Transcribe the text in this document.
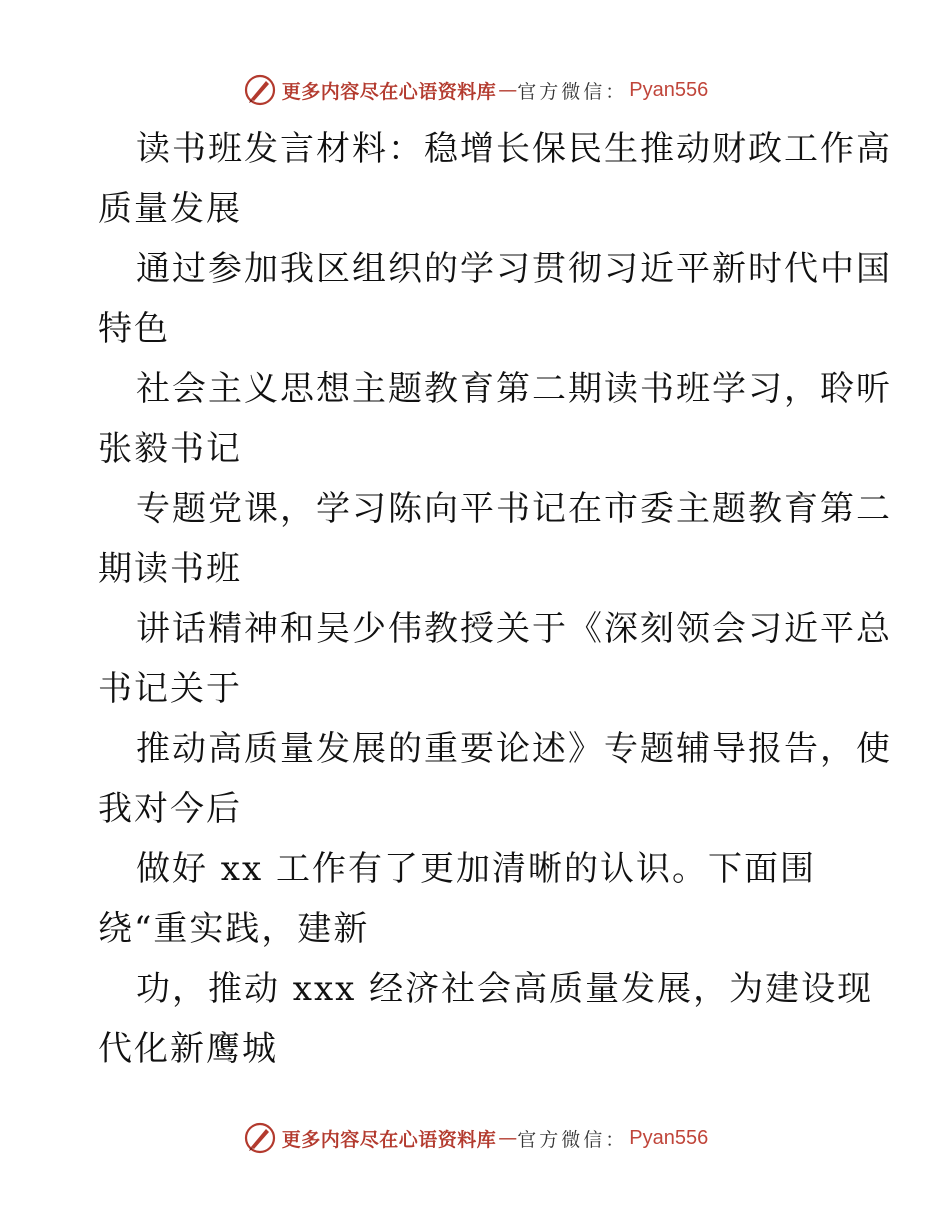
更多内容尽在心语资料库 — 官方微信： Pyan556
读书班发言材料：稳增长保民生推动财政工作高
质量发展
通过参加我区组织的学习贯彻习近平新时代中国
特色
社会主义思想主题教育第二期读书班学习，聆听
张毅书记
专题党课，学习陈向平书记在市委主题教育第二
期读书班
讲话精神和吴少伟教授关于《深刻领会习近平总
书记关于
推动高质量发展的重要论述》专题辅导报告，使
我对今后
做好 xx 工作有了更加清晰的认识。下面围
绕“重实践，建新
功，推动 xxx 经济社会高质量发展，为建设现
代化新鹰城
更多内容尽在心语资料库 — 官方微信： Pyan556
